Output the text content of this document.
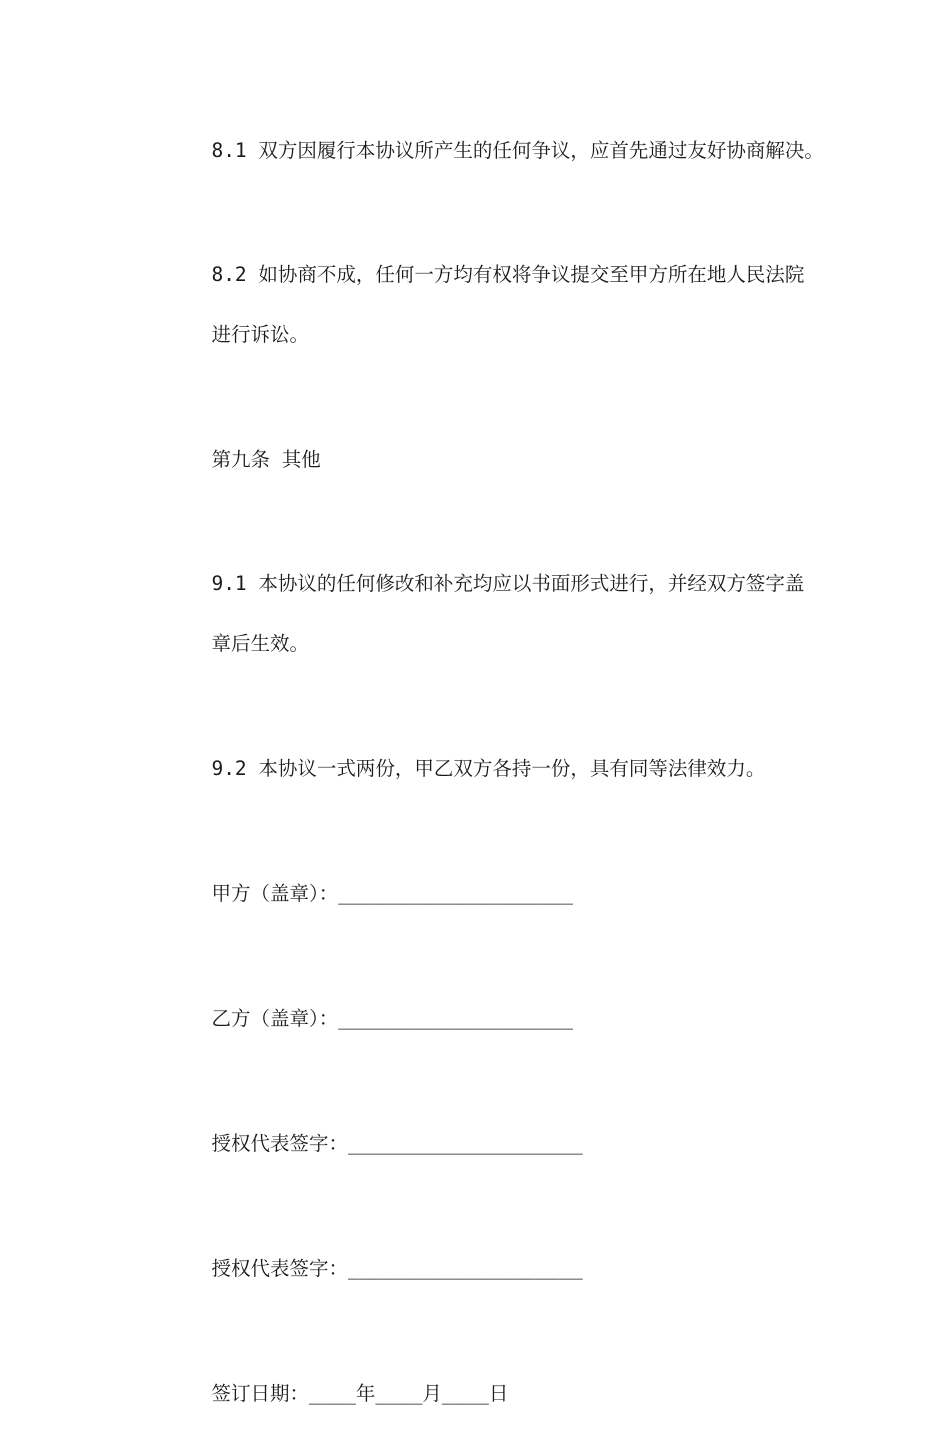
8.1 双方因履行本协议所产生的任何争议，应首先通过友好协商解决。

8.2 如协商不成，任何一方均有权将争议提交至甲方所在地人民法院

进行诉讼。

第九条 其他

9.1 本协议的任何修改和补充均应以书面形式进行，并经双方签字盖

章后生效。

9.2 本协议一式两份，甲乙双方各持一份，具有同等法律效力。

甲方（盖章）：____________________

乙方（盖章）：____________________

授权代表签字：____________________

授权代表签字：____________________

签订日期：____年____月____日
